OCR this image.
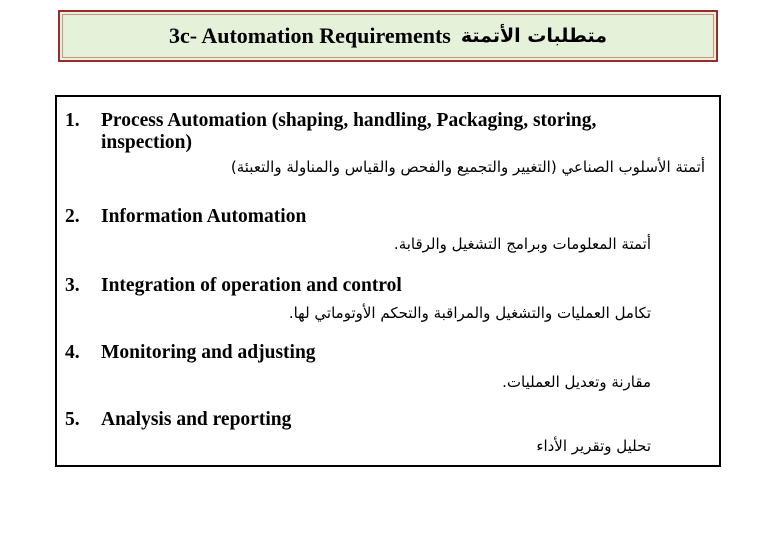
3c- Automation Requirements متطلبات الأتمتة
1. Process Automation (shaping, handling, Packaging, storing,
inspection)
أتمتة الأسلوب الصناعي (التغيير والتجميع والفحص والقياس والمناولة والتعبئة)
2. Information Automation
أتمتة المعلومات وبرامج التشغيل والرقابة.
3. Integration of operation and control
تكامل العمليات والتشغيل والمراقبة والتحكم الأوتوماتي لها.
4. Monitoring and adjusting
مقارنة وتعديل العمليات.
5. Analysis and reporting
تحليل وتقرير الأداء
